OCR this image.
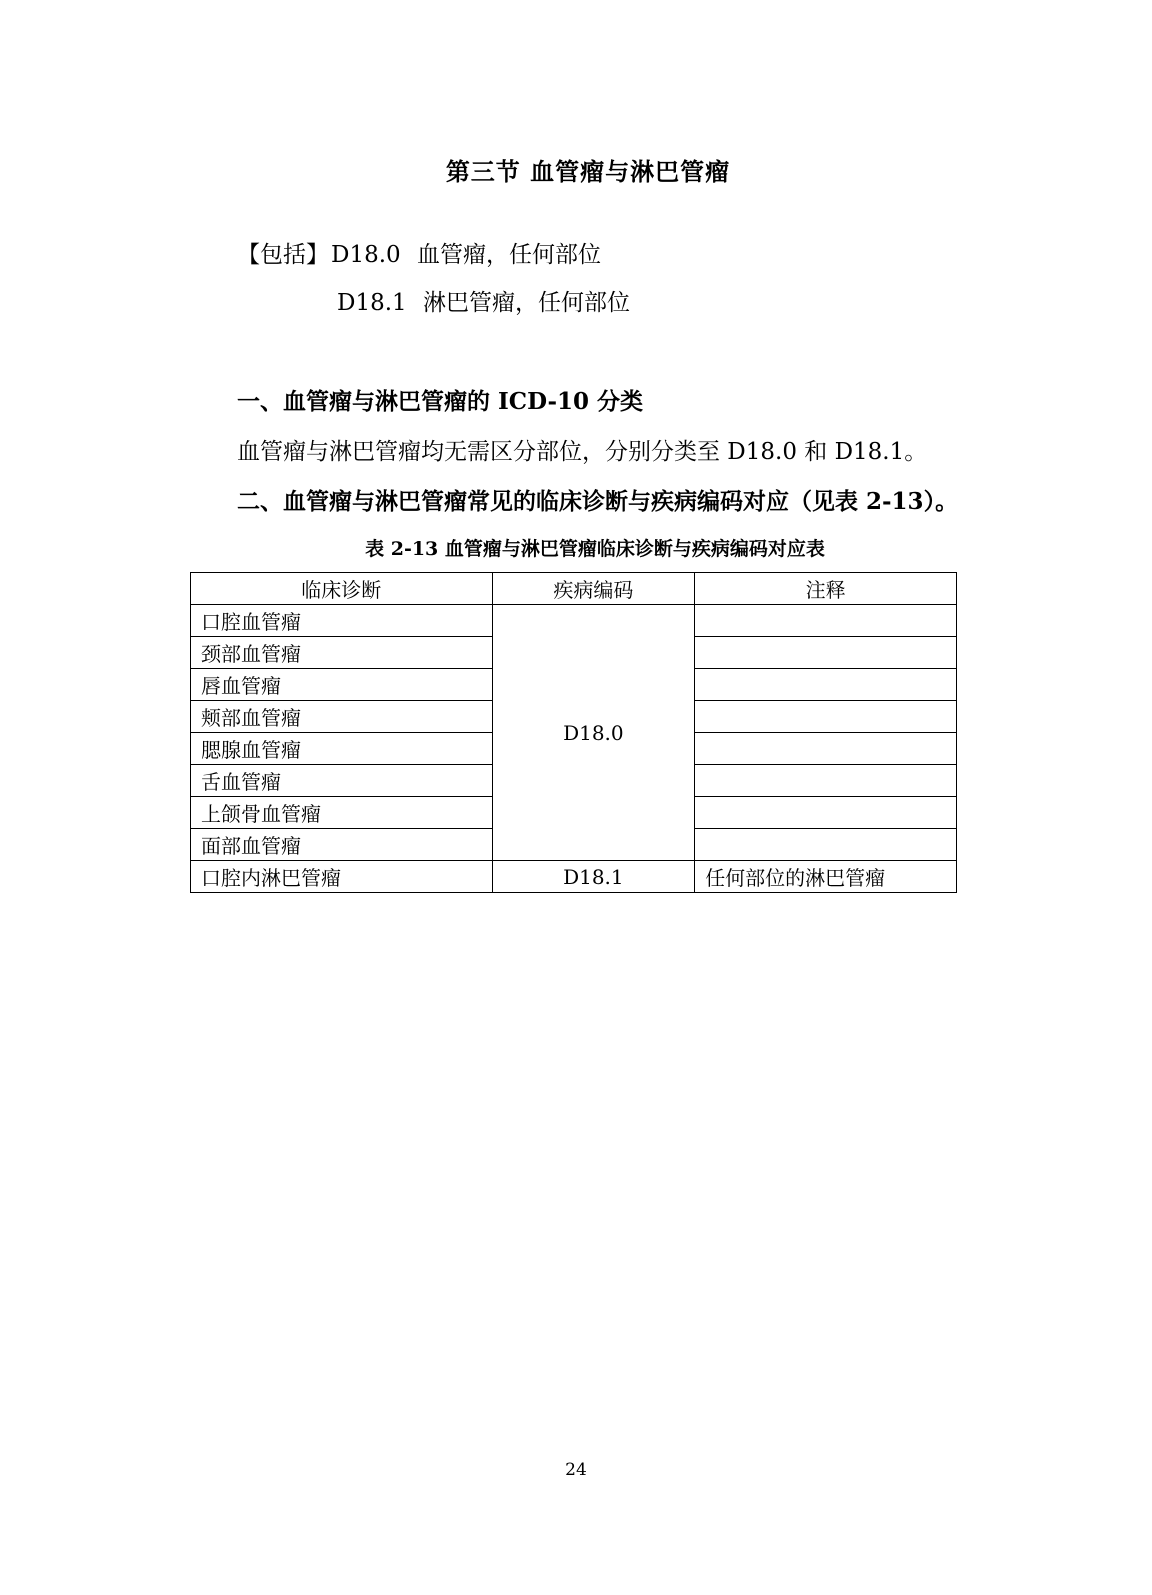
第三节 血管瘤与淋巴管瘤
【包括】D18.0 血管瘤，任何部位
D18.1 淋巴管瘤，任何部位
一、血管瘤与淋巴管瘤的 ICD-10 分类
血管瘤与淋巴管瘤均无需区分部位，分别分类至 D18.0 和 D18.1。
二、血管瘤与淋巴管瘤常见的临床诊断与疾病编码对应（见表 2-13）。
表 2-13 血管瘤与淋巴管瘤临床诊断与疾病编码对应表
临床诊断	疾病编码	注释
口腔血管瘤	D18.0	
颈部血管瘤		
唇血管瘤		
颊部血管瘤		
腮腺血管瘤		
舌血管瘤		
上颌骨血管瘤		
面部血管瘤		
口腔内淋巴管瘤	D18.1	任何部位的淋巴管瘤
24
